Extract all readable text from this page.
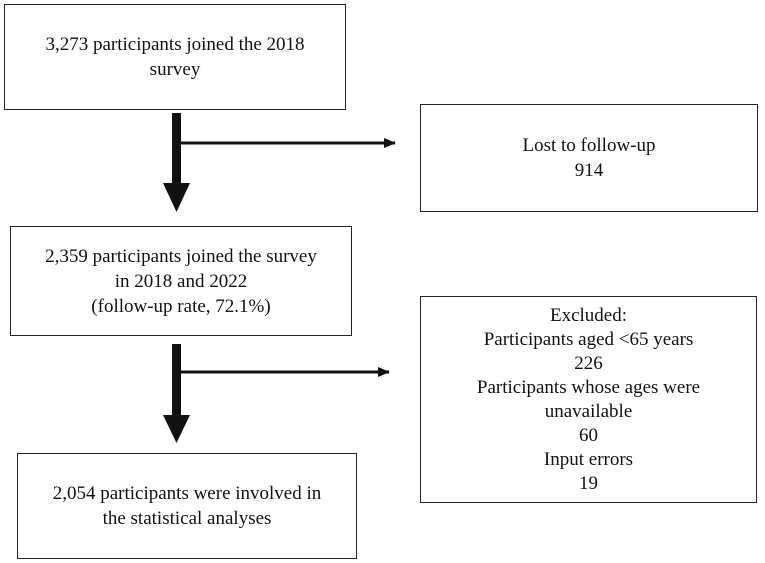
3,273 participants joined the 2018
survey
Lost to follow-up
914
2,359 participants joined the survey
in 2018 and 2022
(follow-up rate, 72.1%)	Excluded:
Participants aged <65 years
226
Participants whose ages were
unavailable
60
Input errors
19
2,054 participants were involved in
the statistical analyses
